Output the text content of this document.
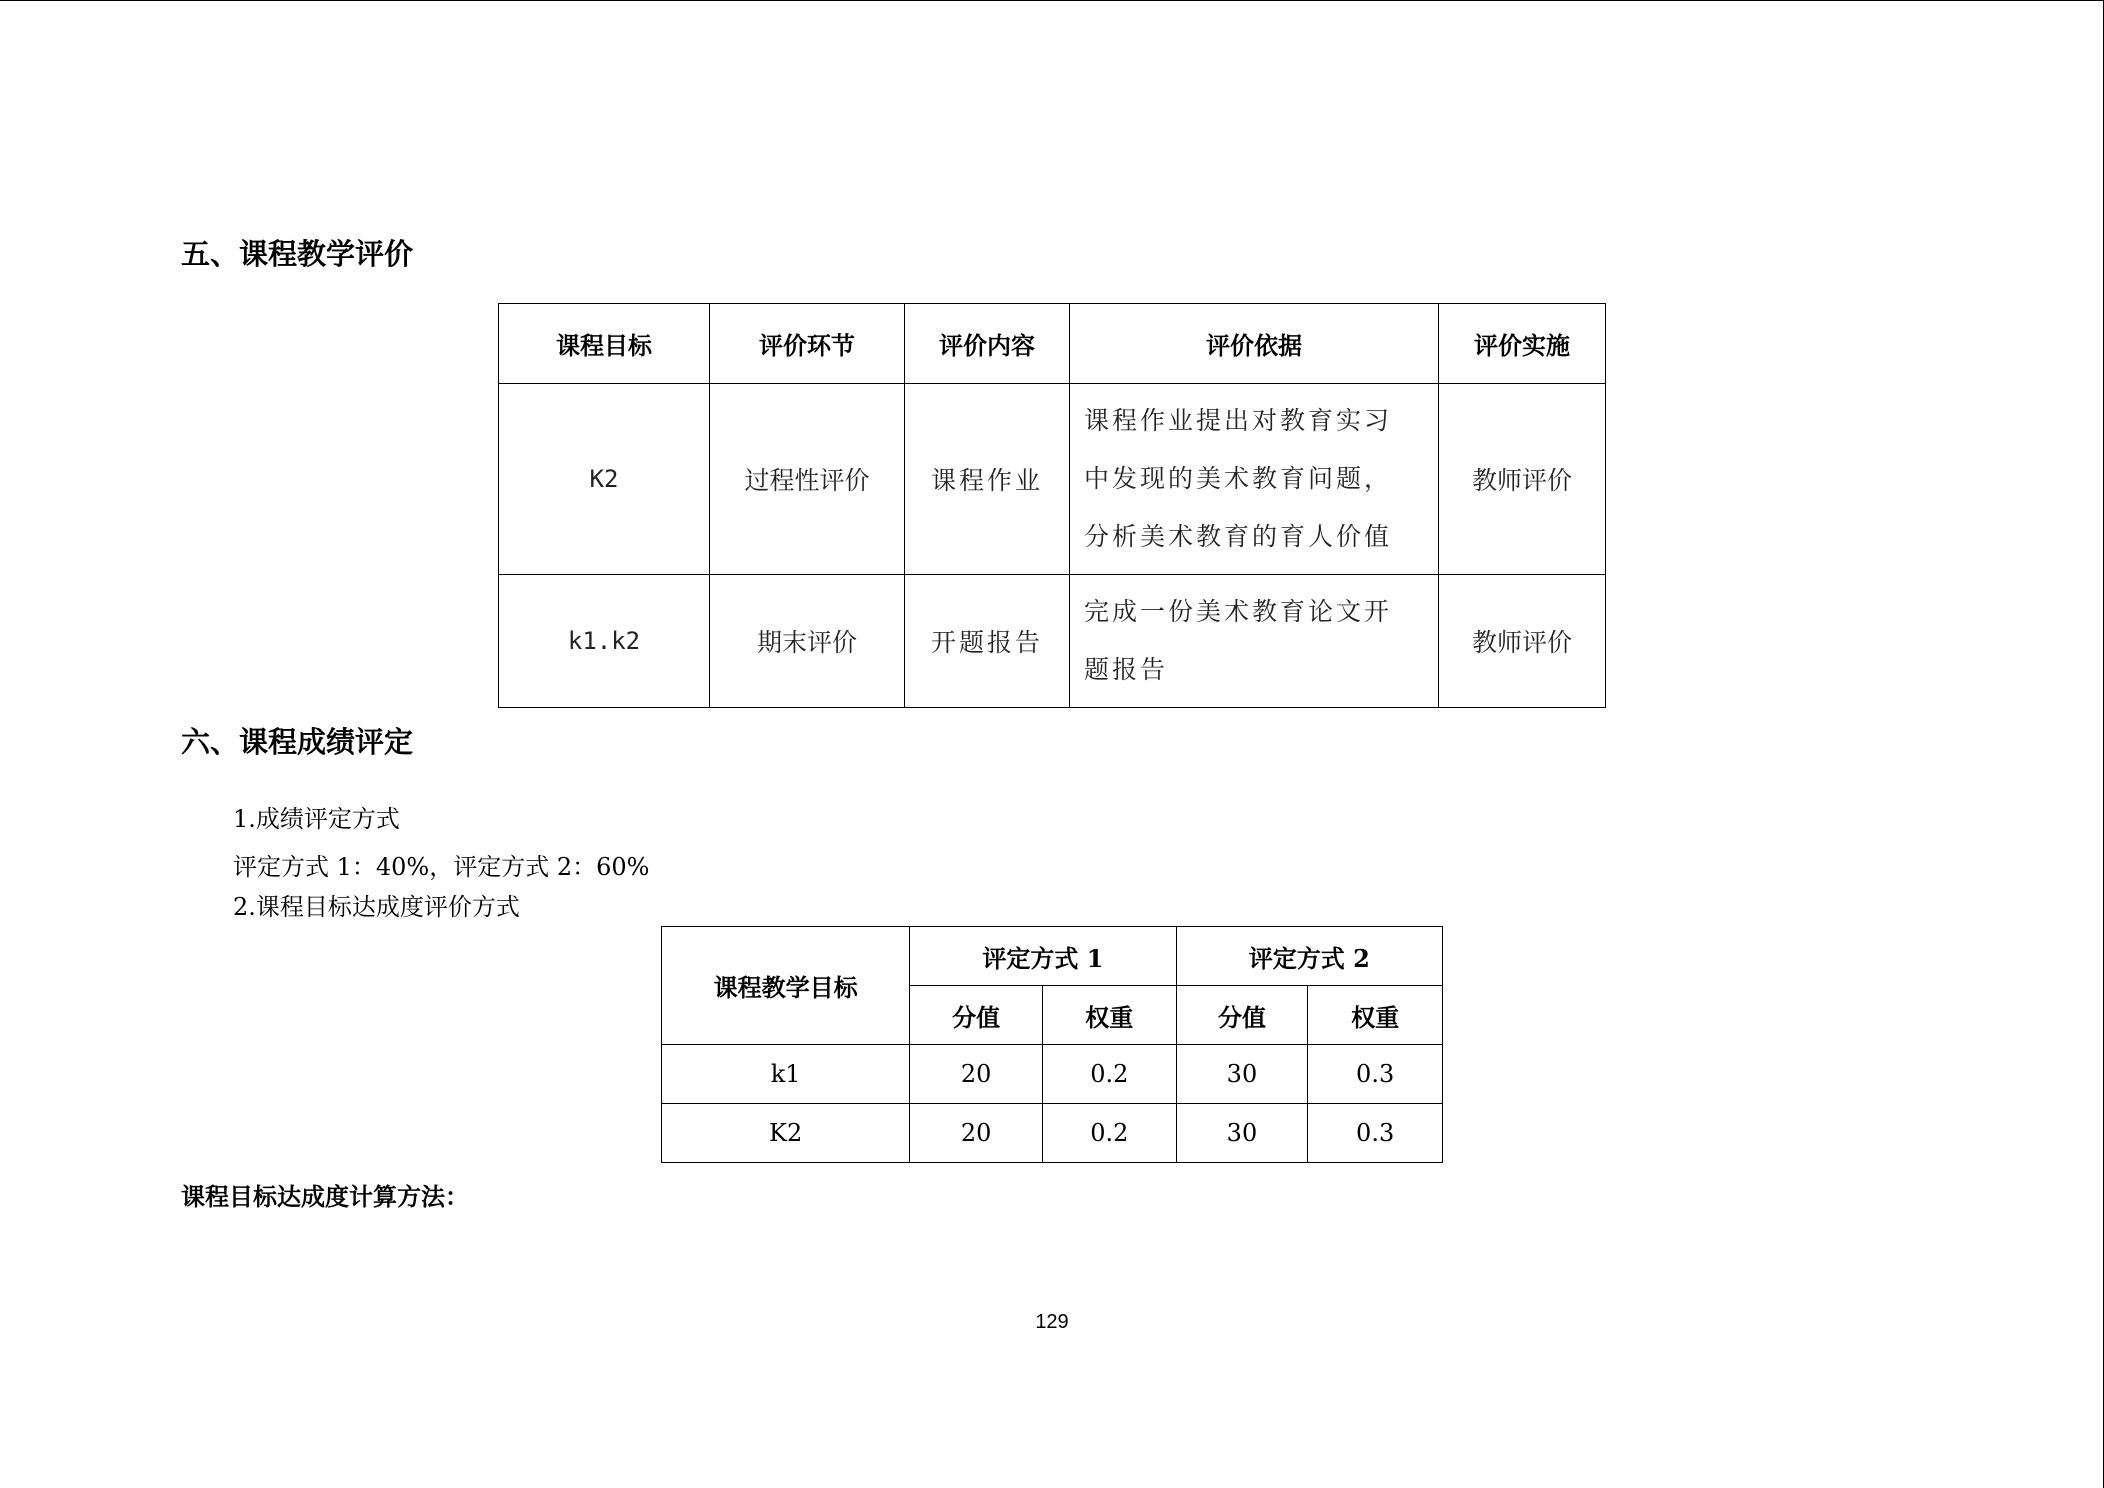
五、课程教学评价
课程目标	评价环节	评价内容	评价依据	评价实施
K2	过程性评价	课程作业	课程作业提出对教育实习
中发现的美术教育问题，
分析美术教育的育人价值	教师评价
k1.k2	期末评价	开题报告	完成一份美术教育论文开
题报告	教师评价
六、课程成绩评定

1.成绩评定方式

评定方式 1：40%，评定方式 2：60%

2.课程目标达成度评价方式

课程教学目标	评定方式 1		评定方式 2	
	分值	权重	分值	权重
k1	20	0.2	30	0.3
K2	20	0.2	30	0.3

课程目标达成度计算方法：

129
